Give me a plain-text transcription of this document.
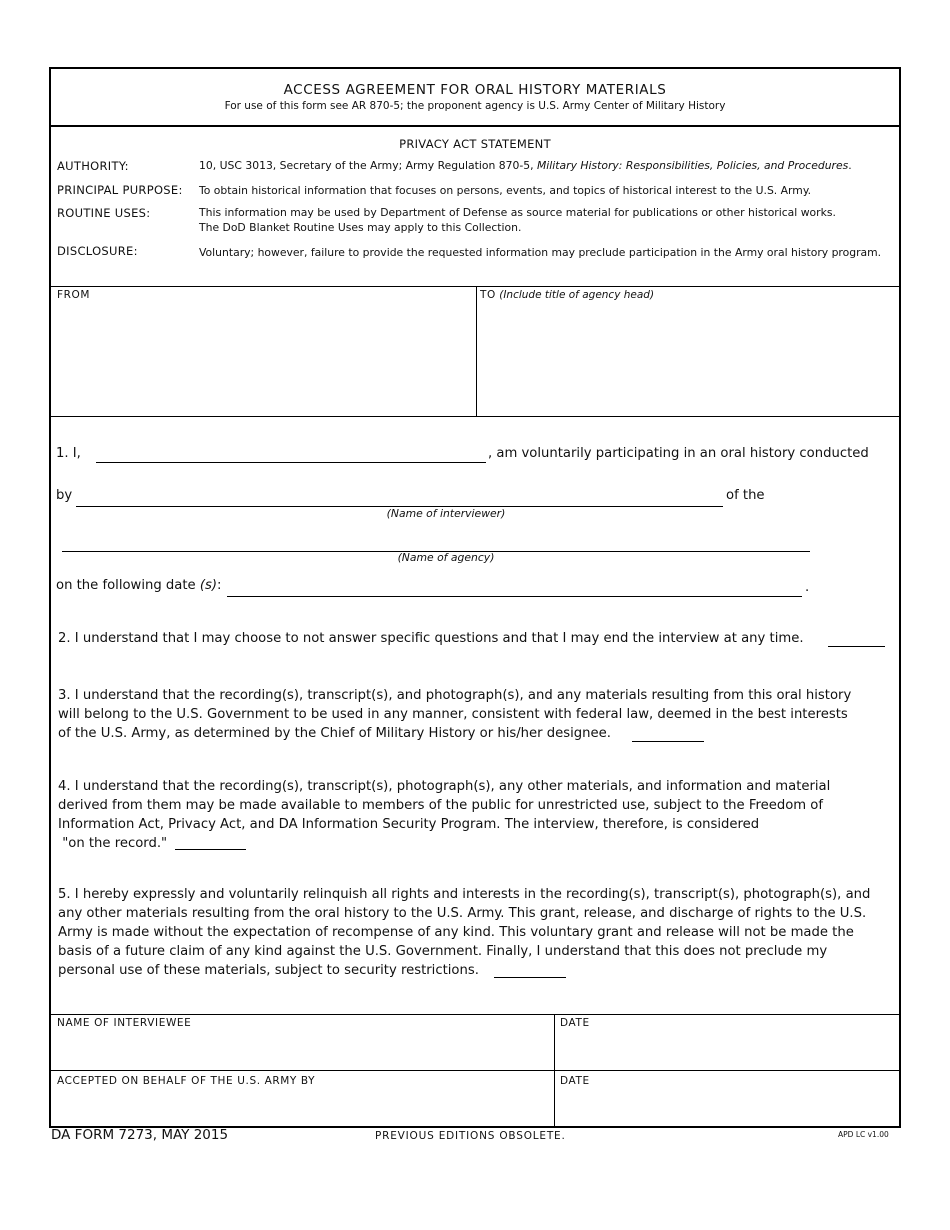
ACCESS AGREEMENT FOR ORAL HISTORY MATERIALS
For use of this form see AR 870-5; the proponent agency is U.S. Army Center of Military History
PRIVACY ACT STATEMENT
AUTHORITY:	10, USC 3013, Secretary of the Army; Army Regulation 870-5, Military History: Responsibilities, Policies, and Procedures.
PRINCIPAL PURPOSE: To obtain historical information that focuses on persons, events, and topics of historical interest to the U.S. Army.
ROUTINE USES:	This information may be used by Department of Defense as source material for publications or other historical works.
The DoD Blanket Routine Uses may apply to this Collection.
DISCLOSURE:	Voluntary; however, failure to provide the requested information may preclude participation in the Army oral history program.
FROM	TO (Include title of agency head)
1. I,	, am voluntarily participating in an oral history conducted
by	of the
(Name of interviewer)
(Name of agency)
on the following date (s):	.
2. I understand that I may choose to not answer specific questions and that I may end the interview at any time.
3. I understand that the recording(s), transcript(s), and photograph(s), and any materials resulting from this oral history
will belong to the U.S. Government to be used in any manner, consistent with federal law, deemed in the best interests
of the U.S. Army, as determined by the Chief of Military History or his/her designee.
4. I understand that the recording(s), transcript(s), photograph(s), any other materials, and information and material
derived from them may be made available to members of the public for unrestricted use, subject to the Freedom of
Information Act, Privacy Act, and DA Information Security Program. The interview, therefore, is considered
"on the record."
5. I hereby expressly and voluntarily relinquish all rights and interests in the recording(s), transcript(s), photograph(s), and
any other materials resulting from the oral history to the U.S. Army. This grant, release, and discharge of rights to the U.S.
Army is made without the expectation of recompense of any kind. This voluntary grant and release will not be made the
basis of a future claim of any kind against the U.S. Government. Finally, I understand that this does not preclude my
personal use of these materials, subject to security restrictions.
NAME OF INTERVIEWEE	DATE
ACCEPTED ON BEHALF OF THE U.S. ARMY BY	DATE
DA FORM 7273, MAY 2015	PREVIOUS EDITIONS OBSOLETE.	APD LC v1.00
